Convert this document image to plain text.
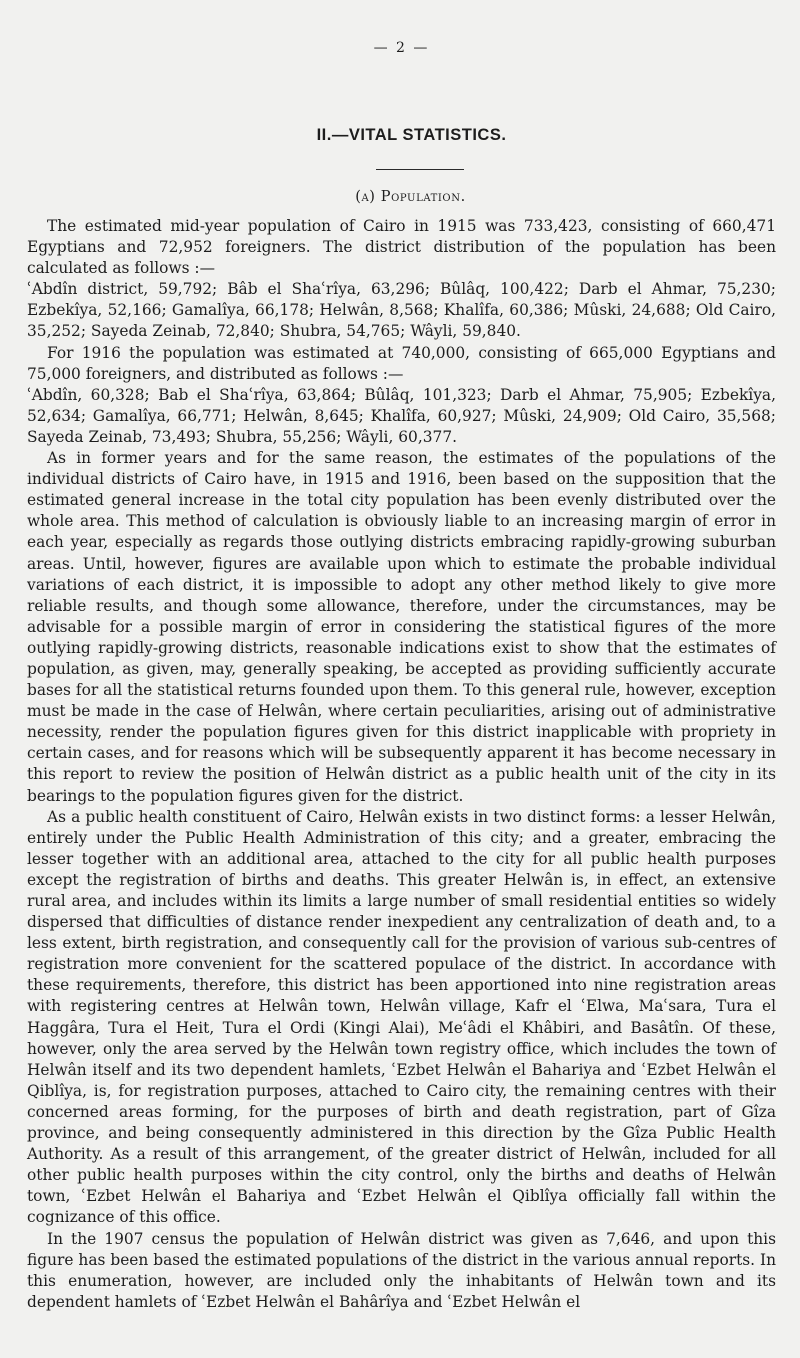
— 2 —
II.—VITAL STATISTICS.
(a) Population.

The estimated mid-year population of Cairo in 1915 was 733,423, consisting of 660,471 Egyptians and 72,952 foreigners. The district distribution of the population has been calculated as follows :—

ʿAbdîn district, 59,792; Bâb el Shaʿrîya, 63,296; Bûlâq, 100,422; Darb el Ahmar, 75,230; Ezbekîya, 52,166; Gamalîya, 66,178; Helwân, 8,568; Khalîfa, 60,386; Mûski, 24,688; Old Cairo, 35,252; Sayeda Zeinab, 72,840; Shubra, 54,765; Wâyli, 59,840.

For 1916 the population was estimated at 740,000, consisting of 665,000 Egyptians and 75,000 foreigners, and distributed as follows :—

ʿAbdîn, 60,328; Bab el Shaʿrîya, 63,864; Bûlâq, 101,323; Darb el Ahmar, 75,905; Ezbekîya, 52,634; Gamalîya, 66,771; Helwân, 8,645; Khalîfa, 60,927; Mûski, 24,909; Old Cairo, 35,568; Sayeda Zeinab, 73,493; Shubra, 55,256; Wâyli, 60,377.

As in former years and for the same reason, the estimates of the populations of the individual districts of Cairo have, in 1915 and 1916, been based on the supposition that the estimated general increase in the total city population has been evenly distributed over the whole area. This method of calculation is obviously liable to an increasing margin of error in each year, especially as regards those outlying districts embracing rapidly-growing suburban areas. Until, however, figures are available upon which to estimate the probable individual variations of each district, it is impossible to adopt any other method likely to give more reliable results, and though some allowance, therefore, under the circumstances, may be advisable for a possible margin of error in considering the statistical figures of the more outlying rapidly-growing districts, reasonable indications exist to show that the estimates of population, as given, may, generally speaking, be accepted as providing sufficiently accurate bases for all the statistical returns founded upon them. To this general rule, however, exception must be made in the case of Helwân, where certain peculiarities, arising out of administrative necessity, render the population figures given for this district inapplicable with propriety in certain cases, and for reasons which will be subsequently apparent it has become necessary in this report to review the position of Helwân district as a public health unit of the city in its bearings to the population figures given for the district.

As a public health constituent of Cairo, Helwân exists in two distinct forms: a lesser Helwân, entirely under the Public Health Administration of this city; and a greater, embracing the lesser together with an additional area, attached to the city for all public health purposes except the registration of births and deaths. This greater Helwân is, in effect, an extensive rural area, and includes within its limits a large number of small residential entities so widely dispersed that difficulties of distance render inexpedient any centralization of death and, to a less extent, birth registration, and consequently call for the provision of various sub-centres of registration more convenient for the scattered populace of the district. In accordance with these requirements, therefore, this district has been apportioned into nine registration areas with registering centres at Helwân town, Helwân village, Kafr el ʿElwa, Maʿsara, Tura el Haggâra, Tura el Heit, Tura el Ordi (Kingi Alai), Meʿâdi el Khâbiri, and Basâtîn. Of these, however, only the area served by the Helwân town registry office, which includes the town of Helwân itself and its two dependent hamlets, ʿEzbet Helwân el Bahariya and ʿEzbet Helwân el Qiblîya, is, for registration purposes, attached to Cairo city, the remaining centres with their concerned areas forming, for the purposes of birth and death registration, part of Gîza province, and being consequently administered in this direction by the Gîza Public Health Authority. As a result of this arrangement, of the greater district of Helwân, included for all other public health purposes within the city control, only the births and deaths of Helwân town, ʿEzbet Helwân el Bahariya and ʿEzbet Helwân el Qiblîya officially fall within the cognizance of this office.

In the 1907 census the population of Helwân district was given as 7,646, and upon this figure has been based the estimated populations of the district in the various annual reports. In this enumeration, however, are included only the inhabitants of Helwân town and its dependent hamlets of ʿEzbet Helwân el Bahârîya and ʿEzbet Helwân el
